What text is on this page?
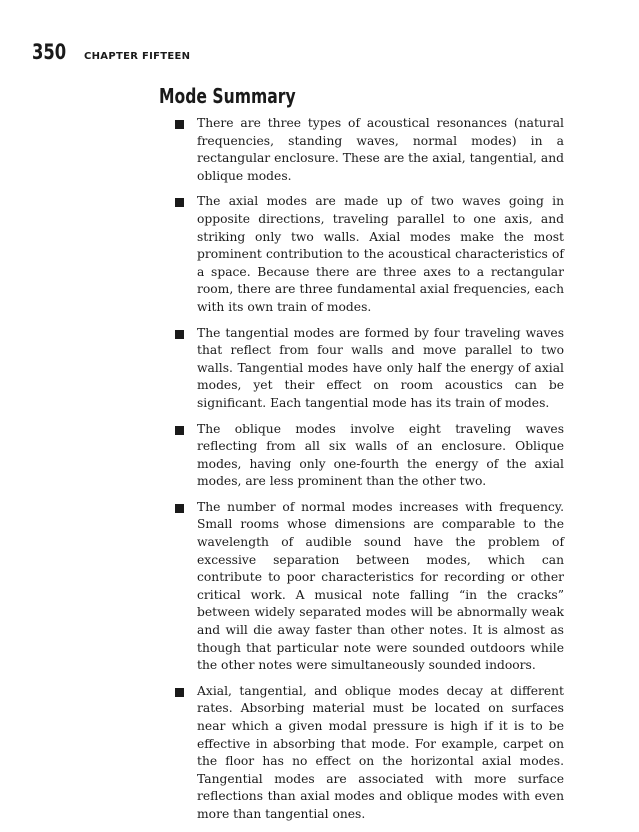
350	CHAPTER FIFTEEN
Mode Summary
There are three types of acoustical resonances (natural frequencies, standing waves, normal modes) in a rectangular enclosure. These are the axial, tangential, and oblique modes.
The axial modes are made up of two waves going in opposite directions, traveling parallel to one axis, and striking only two walls. Axial modes make the most prominent contribution to the acoustical characteristics of a space. Because there are three axes to a rectangular room, there are three fundamental axial frequencies, each with its own train of modes.
The tangential modes are formed by four traveling waves that reflect from four walls and move parallel to two walls. Tangential modes have only half the energy of axial modes, yet their effect on room acoustics can be significant. Each tangential mode has its train of modes.
The oblique modes involve eight traveling waves reflecting from all six walls of an enclosure. Oblique modes, having only one-fourth the energy of the axial modes, are less prominent than the other two.
The number of normal modes increases with frequency. Small rooms whose dimensions are comparable to the wavelength of audible sound have the problem of excessive separation between modes, which can contribute to poor characteristics for recording or other critical work. A musical note falling “in the cracks” between widely separated modes will be abnormally weak and will die away faster than other notes. It is almost as though that particular note were sounded outdoors while the other notes were simultaneously sounded indoors.
Axial, tangential, and oblique modes decay at different rates. Absorbing material must be located on surfaces near which a given modal pressure is high if it is to be effective in absorbing that mode. For example, carpet on the floor has no effect on the horizontal axial modes. Tangential modes are associated with more surface reflections than axial modes and oblique modes with even more than tangential ones.
